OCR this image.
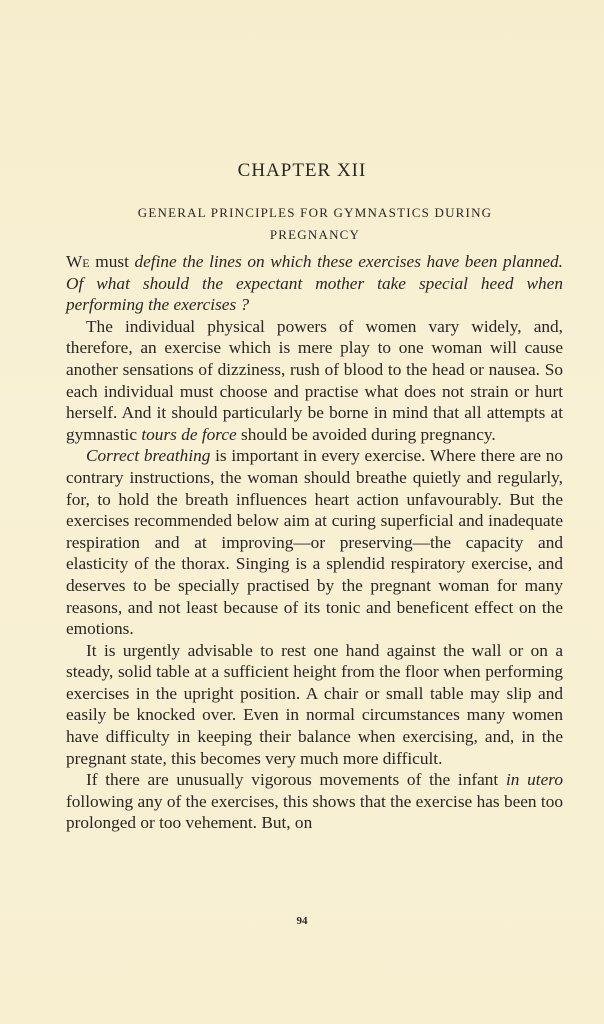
CHAPTER XII
GENERAL PRINCIPLES FOR GYMNASTICS DURING PREGNANCY

We must define the lines on which these exercises have been planned. Of what should the expectant mother take special heed when performing the exercises ?

The individual physical powers of women vary widely, and, therefore, an exercise which is mere play to one woman will cause another sensations of dizziness, rush of blood to the head or nausea. So each individual must choose and practise what does not strain or hurt herself. And it should particularly be borne in mind that all attempts at gymnastic tours de force should be avoided during pregnancy.

Correct breathing is important in every exercise. Where there are no contrary instructions, the woman should breathe quietly and regularly, for, to hold the breath influences heart action unfavourably. But the exercises recommended below aim at curing superficial and inadequate respiration and at improving—or preserving—the capacity and elasticity of the thorax. Singing is a splendid respiratory exercise, and deserves to be specially practised by the pregnant woman for many reasons, and not least because of its tonic and beneficent effect on the emotions.

It is urgently advisable to rest one hand against the wall or on a steady, solid table at a sufficient height from the floor when performing exercises in the upright position. A chair or small table may slip and easily be knocked over. Even in normal circumstances many women have difficulty in keeping their balance when exercising, and, in the pregnant state, this becomes very much more difficult.

If there are unusually vigorous movements of the infant in utero following any of the exercises, this shows that the exercise has been too prolonged or too vehement. But, on

94
